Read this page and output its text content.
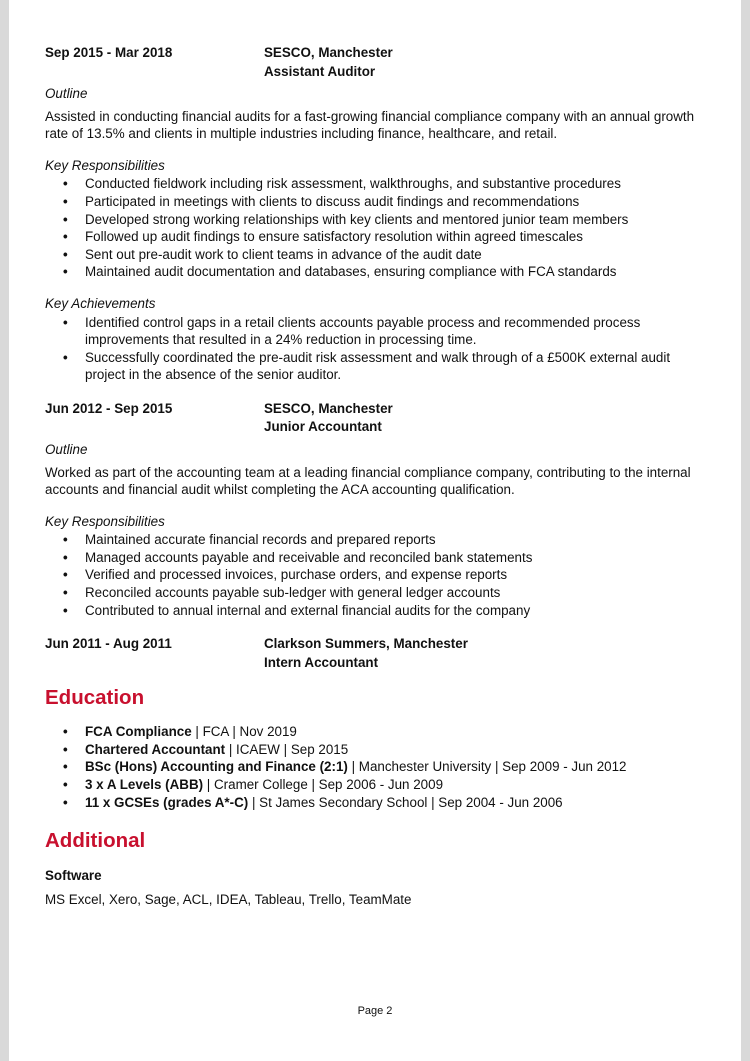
Sep 2015 - Mar 2018	SESCO, Manchester
Assistant Auditor
Outline
Assisted in conducting financial audits for a fast-growing financial compliance company with an annual growth rate of 13.5% and clients in multiple industries including finance, healthcare, and retail.
Key Responsibilities
• Conducted fieldwork including risk assessment, walkthroughs, and substantive procedures
• Participated in meetings with clients to discuss audit findings and recommendations
• Developed strong working relationships with key clients and mentored junior team members
• Followed up audit findings to ensure satisfactory resolution within agreed timescales
• Sent out pre-audit work to client teams in advance of the audit date
• Maintained audit documentation and databases, ensuring compliance with FCA standards
Key Achievements
• Identified control gaps in a retail clients accounts payable process and recommended process improvements that resulted in a 24% reduction in processing time.
• Successfully coordinated the pre-audit risk assessment and walk through of a £500K external audit project in the absence of the senior auditor.
Jun 2012 - Sep 2015	SESCO, Manchester
Junior Accountant
Outline
Worked as part of the accounting team at a leading financial compliance company, contributing to the internal accounts and financial audit whilst completing the ACA accounting qualification.
Key Responsibilities
• Maintained accurate financial records and prepared reports
• Managed accounts payable and receivable and reconciled bank statements
• Verified and processed invoices, purchase orders, and expense reports
• Reconciled accounts payable sub-ledger with general ledger accounts
• Contributed to annual internal and external financial audits for the company
Jun 2011 - Aug 2011	Clarkson Summers, Manchester
Intern Accountant
Education
• FCA Compliance | FCA | Nov 2019
• Chartered Accountant | ICAEW | Sep 2015
• BSc (Hons) Accounting and Finance (2:1) | Manchester University | Sep 2009 - Jun 2012
• 3 x A Levels (ABB) | Cramer College | Sep 2006 - Jun 2009
• 11 x GCSEs (grades A*-C) | St James Secondary School | Sep 2004 - Jun 2006
Additional
Software
MS Excel, Xero, Sage, ACL, IDEA, Tableau, Trello, TeamMate
Page 2
